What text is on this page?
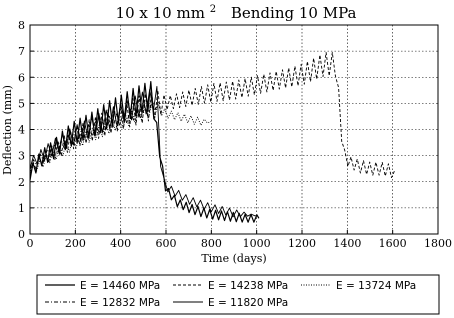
10 x 10 mm $^2$ Bending 10 MPa
0	200 400 600 800 1000 1200 1400 1600 1800
0
1
2
3
4
5
6
7
8
Time (days)
Deflection (mm)
E = 14460 MPa	E = 14238 MPa	E = 13724 MPa
E = 12832 MPa	E = 11820 MPa
